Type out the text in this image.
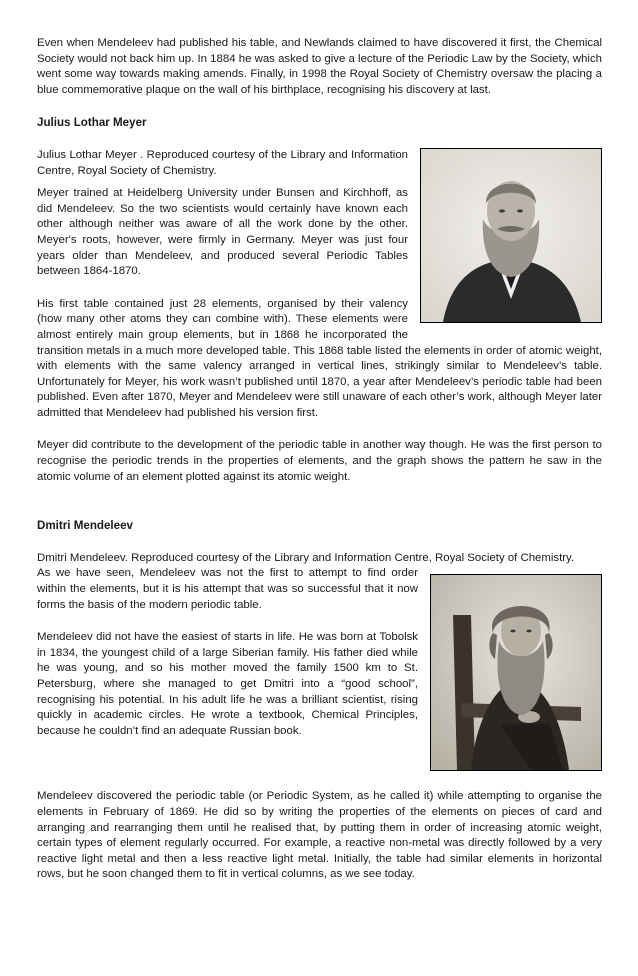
Even when Mendeleev had published his table, and Newlands claimed to have discovered it first, the Chemical Society would not back him up. In 1884 he was asked to give a lecture of the Periodic Law by the Society, which went some way towards making amends. Finally, in 1998 the Royal Society of Chemistry oversaw the placing a blue commemorative plaque on the wall of his birthplace, recognising his discovery at last.

Julius Lothar Meyer

Julius Lothar Meyer . Reproduced courtesy of the Library and Information Centre, Royal Society of Chemistry.

Meyer trained at Heidelberg University under Bunsen and Kirchhoff, as did Mendeleev. So the two scientists would certainly have known each other although neither was aware of all the work done by the other. Meyer's roots, however, were firmly in Germany. Meyer was just four years older than Mendeleev, and produced several Periodic Tables between 1864-1870.

His first table contained just 28 elements, organised by their valency (how many other atoms they can combine with). These elements were almost entirely main group elements, but in 1868 he incorporated the transition metals in a much more developed table. This 1868 table listed the elements in order of atomic weight, with elements with the same valency arranged in vertical lines, strikingly similar to Mendeleev’s table. Unfortunately for Meyer, his work wasn’t published until 1870, a year after Mendeleev’s periodic table had been published. Even after 1870, Meyer and Mendeleev were still unaware of each other’s work, although Meyer later admitted that Mendeleev had published his version first.

Meyer did contribute to the development of the periodic table in another way though. He was the first person to recognise the periodic trends in the properties of elements, and the graph shows the pattern he saw in the atomic volume of an element plotted against its atomic weight.

Dmitri Mendeleev

Dmitri Mendeleev. Reproduced courtesy of the Library and Information Centre, Royal Society of Chemistry.

As we have seen, Mendeleev was not the first to attempt to find order within the elements, but it is his attempt that was so successful that it now forms the basis of the modern periodic table.

Mendeleev did not have the easiest of starts in life. He was born at Tobolsk in 1834, the youngest child of a large Siberian family. His father died while he was young, and so his mother moved the family 1500 km to St. Petersburg, where she managed to get Dmitri into a “good school”, recognising his potential. In his adult life he was a brilliant scientist, rising quickly in academic circles. He wrote a textbook, Chemical Principles, because he couldn’t find an adequate Russian book.

Mendeleev discovered the periodic table (or Periodic System, as he called it) while attempting to organise the elements in February of 1869. He did so by writing the properties of the elements on pieces of card and arranging and rearranging them until he realised that, by putting them in order of increasing atomic weight, certain types of element regularly occurred. For example, a reactive non-metal was directly followed by a very reactive light metal and then a less reactive light metal. Initially, the table had similar elements in horizontal rows, but he soon changed them to fit in vertical columns, as we see today.
